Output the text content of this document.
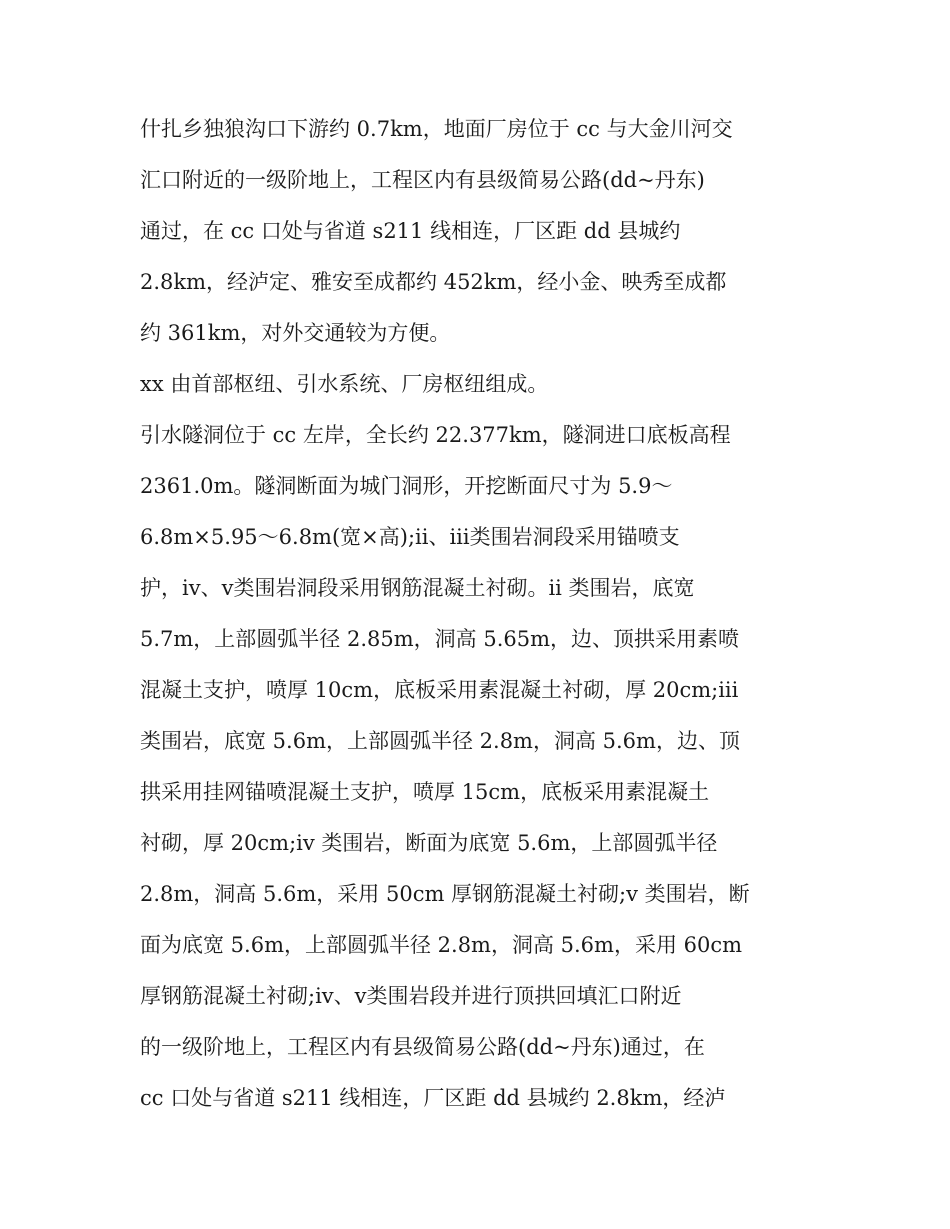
什扎乡独狼沟口下游约 0.7km，地面厂房位于 cc 与大金川河交
汇口附近的一级阶地上，工程区内有县级简易公路(dd~丹东)
通过，在 cc 口处与省道 s211 线相连，厂区距 dd 县城约
2.8km，经泸定、雅安至成都约 452km，经小金、映秀至成都
约 361km，对外交通较为方便。
xx 由首部枢纽、引水系统、厂房枢纽组成。
引水隧洞位于 cc 左岸，全长约 22.377km，隧洞进口底板高程
2361.0m。隧洞断面为城门洞形，开挖断面尺寸为 5.9～
6.8m×5.95～6.8m(宽×高);ii、iii类围岩洞段采用锚喷支
护，iv、ⅴ类围岩洞段采用钢筋混凝土衬砌。ii 类围岩，底宽
5.7m，上部圆弧半径 2.85m，洞高 5.65m，边、顶拱采用素喷
混凝土支护，喷厚 10cm，底板采用素混凝土衬砌，厚 20cm;iii
类围岩，底宽 5.6m，上部圆弧半径 2.8m，洞高 5.6m，边、顶
拱采用挂网锚喷混凝土支护，喷厚 15cm，底板采用素混凝土
衬砌，厚 20cm;iv 类围岩，断面为底宽 5.6m，上部圆弧半径
2.8m，洞高 5.6m，采用 50cm 厚钢筋混凝土衬砌;v 类围岩，断
面为底宽 5.6m，上部圆弧半径 2.8m，洞高 5.6m，采用 60cm
厚钢筋混凝土衬砌;iv、ⅴ类围岩段并进行顶拱回填汇口附近
的一级阶地上，工程区内有县级简易公路(dd~丹东)通过，在
cc 口处与省道 s211 线相连，厂区距 dd 县城约 2.8km，经泸
